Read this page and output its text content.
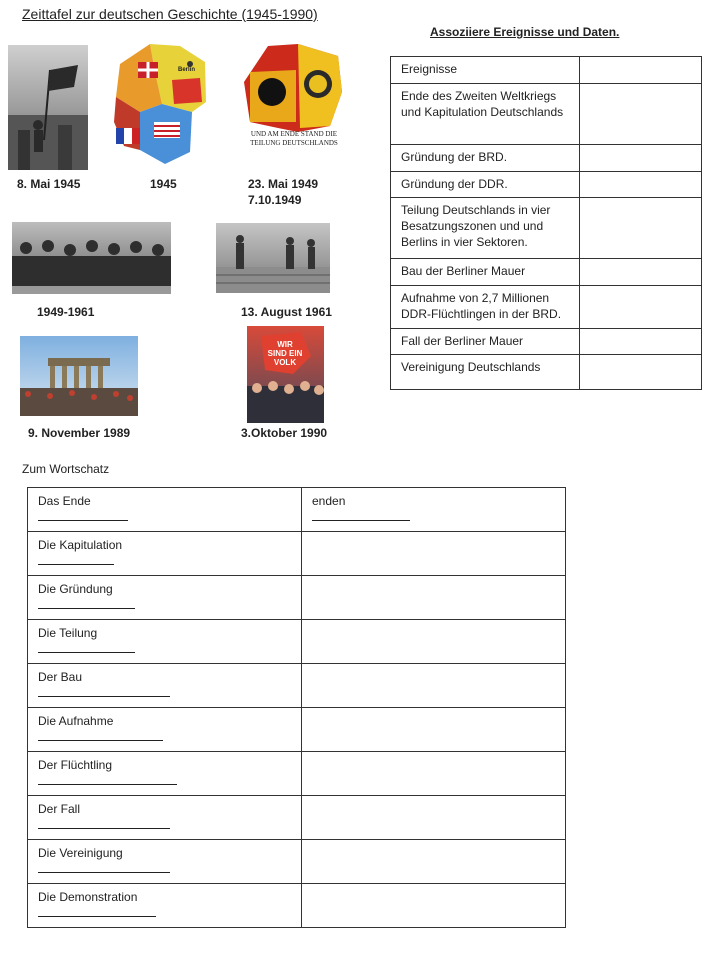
Zeittafel zur deutschen Geschichte (1945-1990)
Assoziiere Ereignisse und Daten.
Berlin
UND AM ENDE STAND DIE TEILUNG DEUTSCHLANDS
8. Mai 1945	1945	23. Mai 1949
7.10.1949
1949-1961	13. August 1961
WIR SIND EIN VOLK
9. November 1989	3.Oktober 1990
Ereignisse	
Ende des Zweiten Weltkriegs und Kapitulation Deutschlands	
Gründung der BRD.	
Gründung der DDR.	
Teilung Deutschlands in vier Besatzungszonen und und Berlins in vier Sektoren.	
Bau der Berliner Mauer	
Aufnahme von 2,7 Millionen DDR-Flüchtlingen in der BRD.	
Fall der Berliner Mauer	
Vereinigung Deutschlands	
Zum Wortschatz
Das Ende	enden

Die Kapitulation

Die Gründung

Die Teilung

Der Bau

Die Aufnahme

Der Flüchtling

Der Fall

Die Vereinigung

Die Demonstration
